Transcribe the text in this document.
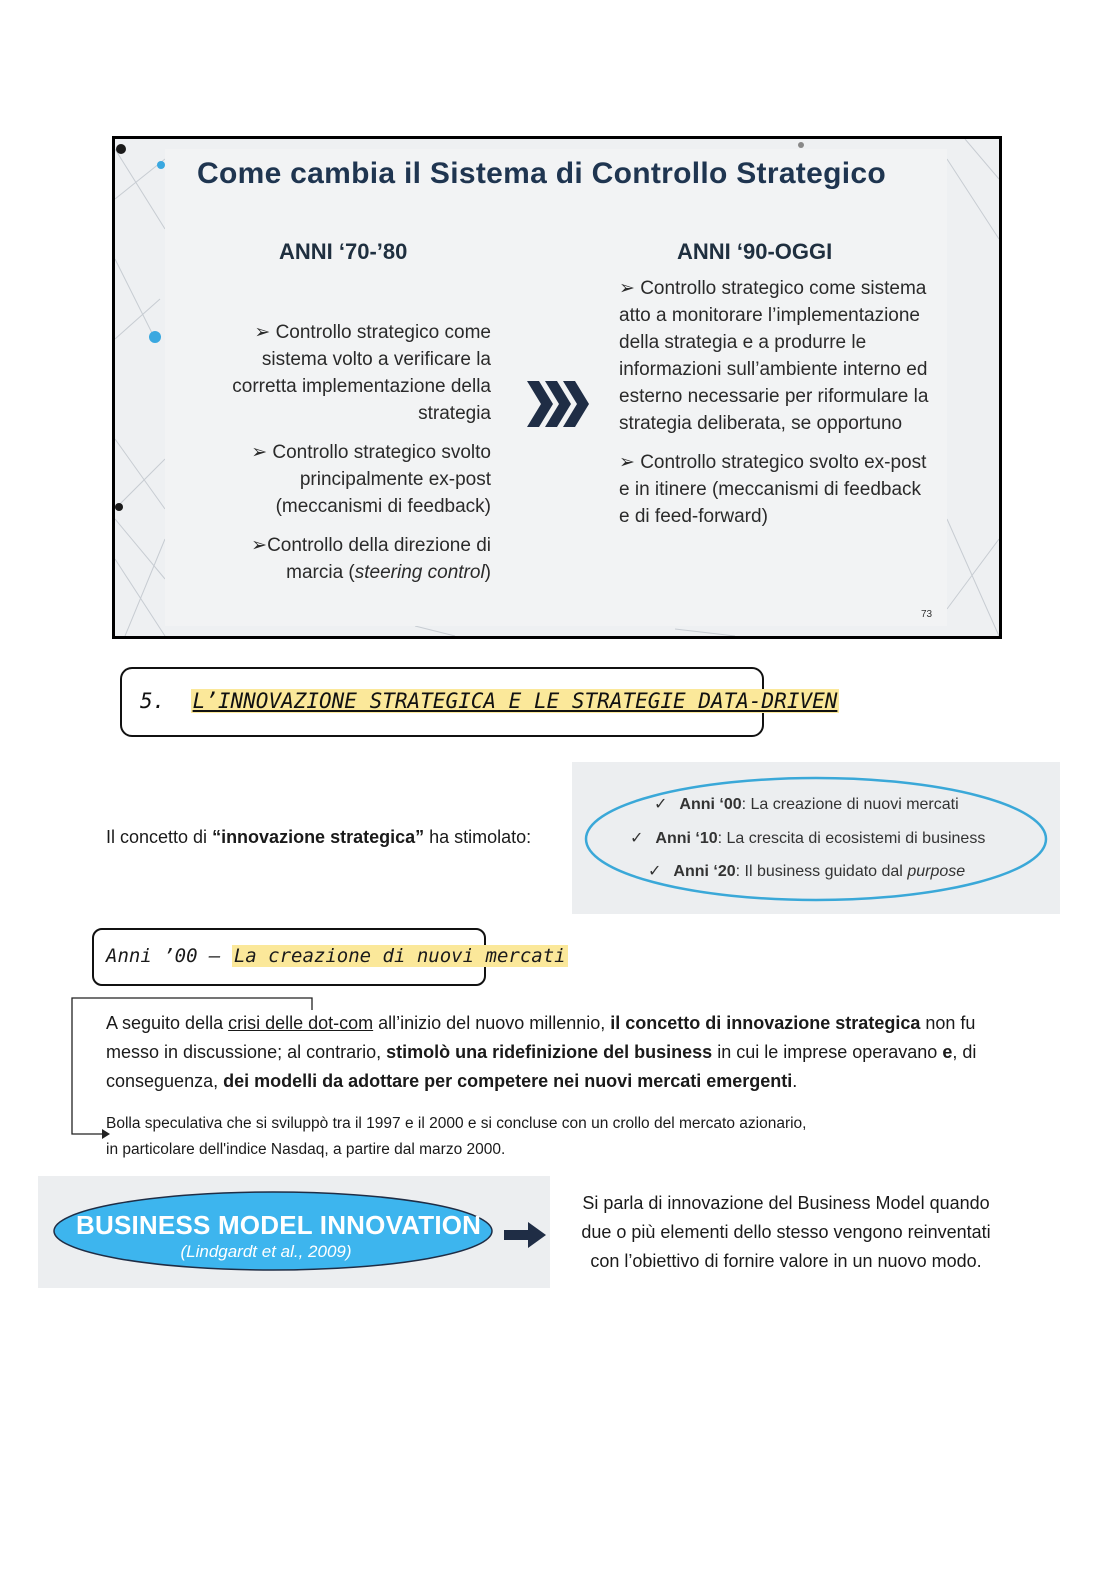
Come cambia il Sistema di Controllo Strategico
ANNI ‘70-’80	ANNI ‘90-OGGI
➢ Controllo strategico come sistema volto a verificare la corretta implementazione della strategia
➢ Controllo strategico svolto principalmente ex-post (meccanismi di feedback)
➢Controllo della direzione di marcia (steering control)
➢ Controllo strategico come sistema atto a monitorare l’implementazione della strategia e a produrre le informazioni sull’ambiente interno ed esterno necessarie per riformulare la strategia deliberata, se opportuno
➢ Controllo strategico svolto ex-post e in itinere (meccanismi di feedback e di feed-forward)
73
5. L’INNOVAZIONE STRATEGICA E LE STRATEGIE DATA-DRIVEN
Il concetto di “innovazione strategica” ha stimolato:
✓ Anni ‘00: La creazione di nuovi mercati
✓ Anni ‘10: La crescita di ecosistemi di business
✓ Anni ‘20: Il business guidato dal purpose
Anni ’00 – La creazione di nuovi mercati
A seguito della crisi delle dot-com all’inizio del nuovo millennio, il concetto di innovazione strategica non fu messo in discussione; al contrario, stimolò una ridefinizione del business in cui le imprese operavano e, di conseguenza, dei modelli da adottare per competere nei nuovi mercati emergenti.
Bolla speculativa che si sviluppò tra il 1997 e il 2000 e si concluse con un crollo del mercato azionario,
in particolare dell'indice Nasdaq, a partire dal marzo 2000.
BUSINESS MODEL INNOVATION
(Lindgardt et al., 2009)
Si parla di innovazione del Business Model quando due o più elementi dello stesso vengono reinventati con l’obiettivo di fornire valore in un nuovo modo.
